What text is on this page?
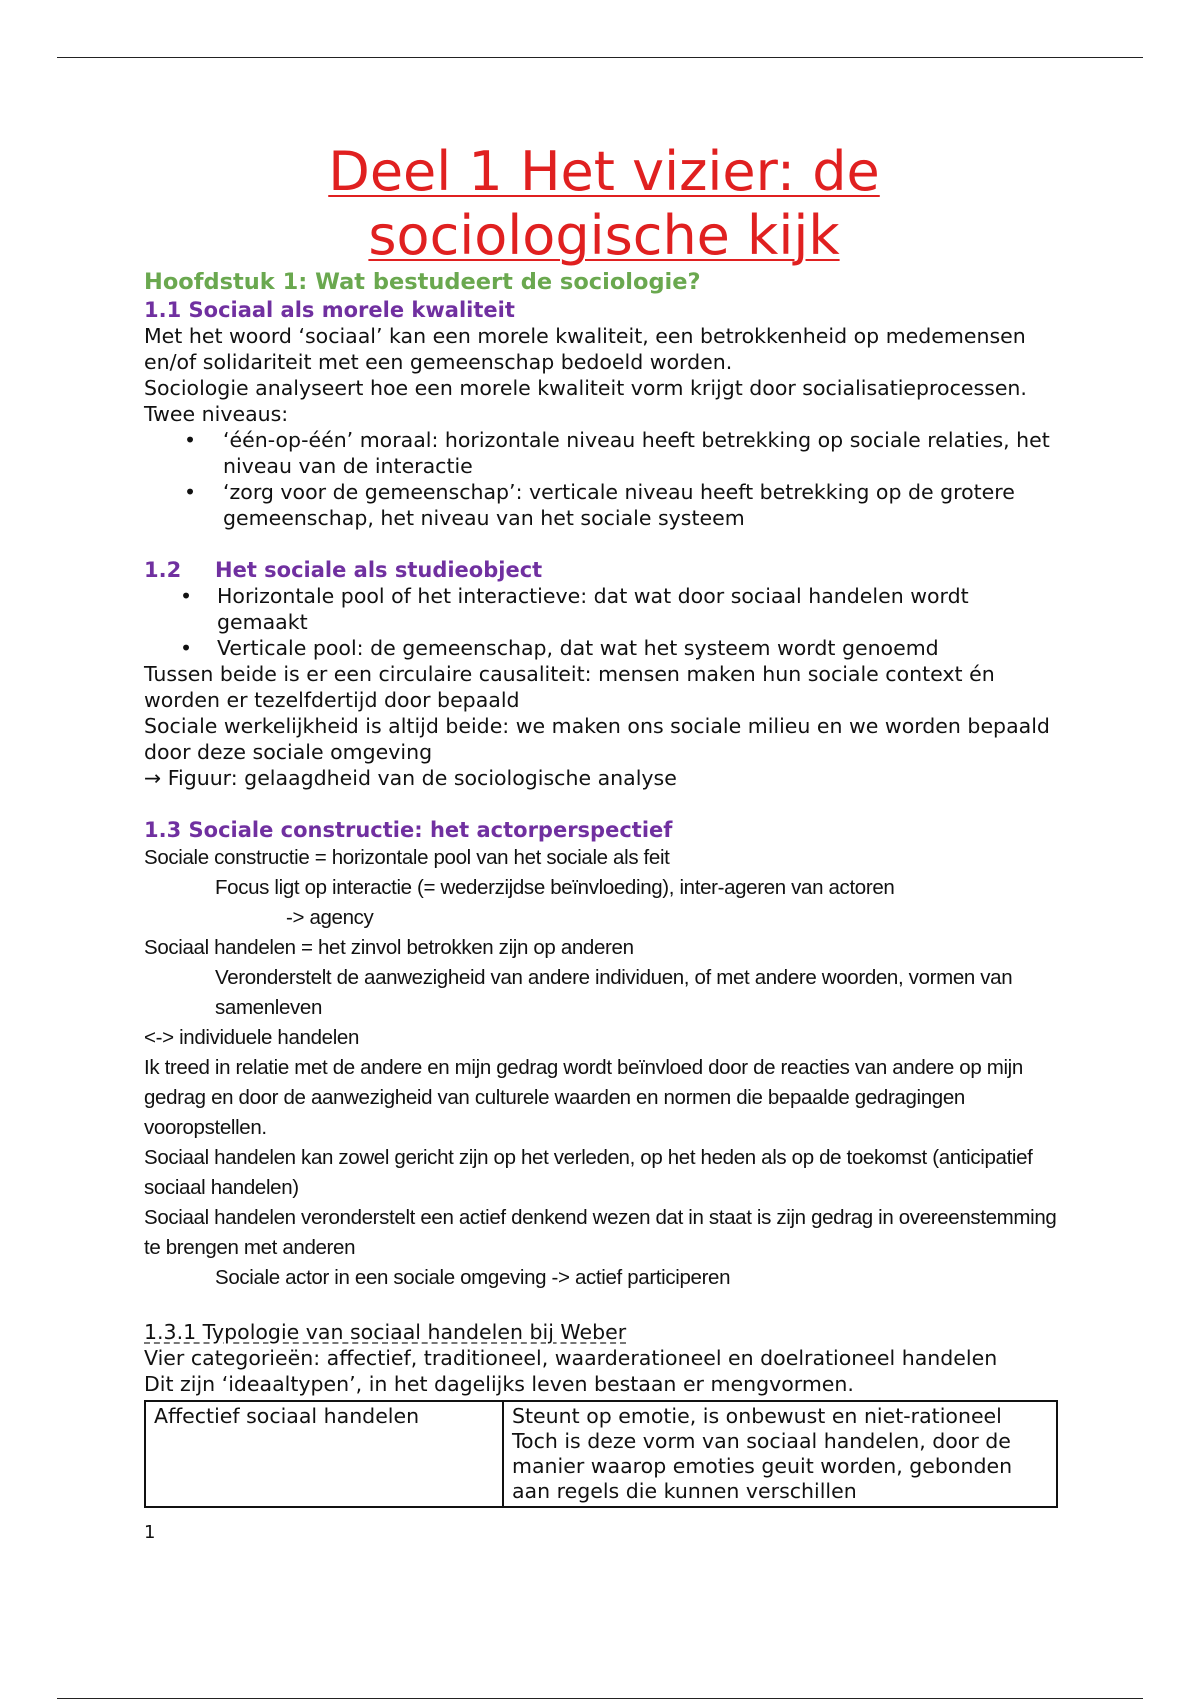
Deel 1 Het vizier: de
sociologische kijk
Hoofdstuk 1: Wat bestudeert de sociologie?
1.1 Sociaal als morele kwaliteit

Met het woord ‘sociaal’ kan een morele kwaliteit, een betrokkenheid op medemensen en/of solidariteit met een gemeenschap bedoeld worden.

Sociologie analyseert hoe een morele kwaliteit vorm krijgt door socialisatieprocessen.

Twee niveaus:

• ‘één-op-één’ moraal: horizontale niveau heeft betrekking op sociale relaties, het niveau van de interactie
• ‘zorg voor de gemeenschap’: verticale niveau heeft betrekking op de grotere gemeenschap, het niveau van het sociale systeem
1.2 Het sociale als studieobject
• Horizontale pool of het interactieve: dat wat door sociaal handelen wordt gemaakt
• Verticale pool: de gemeenschap, dat wat het systeem wordt genoemd

Tussen beide is er een circulaire causaliteit: mensen maken hun sociale context én worden er tezelfdertijd door bepaald

Sociale werkelijkheid is altijd beide: we maken ons sociale milieu en we worden bepaald door deze sociale omgeving

→ Figuur: gelaagdheid van de sociologische analyse

1.3 Sociale constructie: het actorperspectief
Sociale constructie = horizontale pool van het sociale als feit
Focus ligt op interactie (= wederzijdse beïnvloeding), inter-ageren van actoren
-> agency
Sociaal handelen = het zinvol betrokken zijn op anderen
Veronderstelt de aanwezigheid van andere individuen, of met andere woorden, vormen van samenleven
<-> individuele handelen
Ik treed in relatie met de andere en mijn gedrag wordt beïnvloed door de reacties van andere op mijn gedrag en door de aanwezigheid van culturele waarden en normen die bepaalde gedragingen vooropstellen.
Sociaal handelen kan zowel gericht zijn op het verleden, op het heden als op de toekomst (anticipatief sociaal handelen)
Sociaal handelen veronderstelt een actief denkend wezen dat in staat is zijn gedrag in overeenstemming te brengen met anderen
Sociale actor in een sociale omgeving -> actief participeren

1.3.1 Typologie van sociaal handelen bij Weber

Vier categorieën: affectief, traditioneel, waarderationeel en doelrationeel handelen

Dit zijn ‘ideaaltypen’, in het dagelijks leven bestaan er mengvormen.

Affectief sociaal handelen	Steunt op emotie, is onbewust en niet-rationeel
Toch is deze vorm van sociaal handelen, door de manier waarop emoties geuit worden, gebonden aan regels die kunnen verschillen
1
